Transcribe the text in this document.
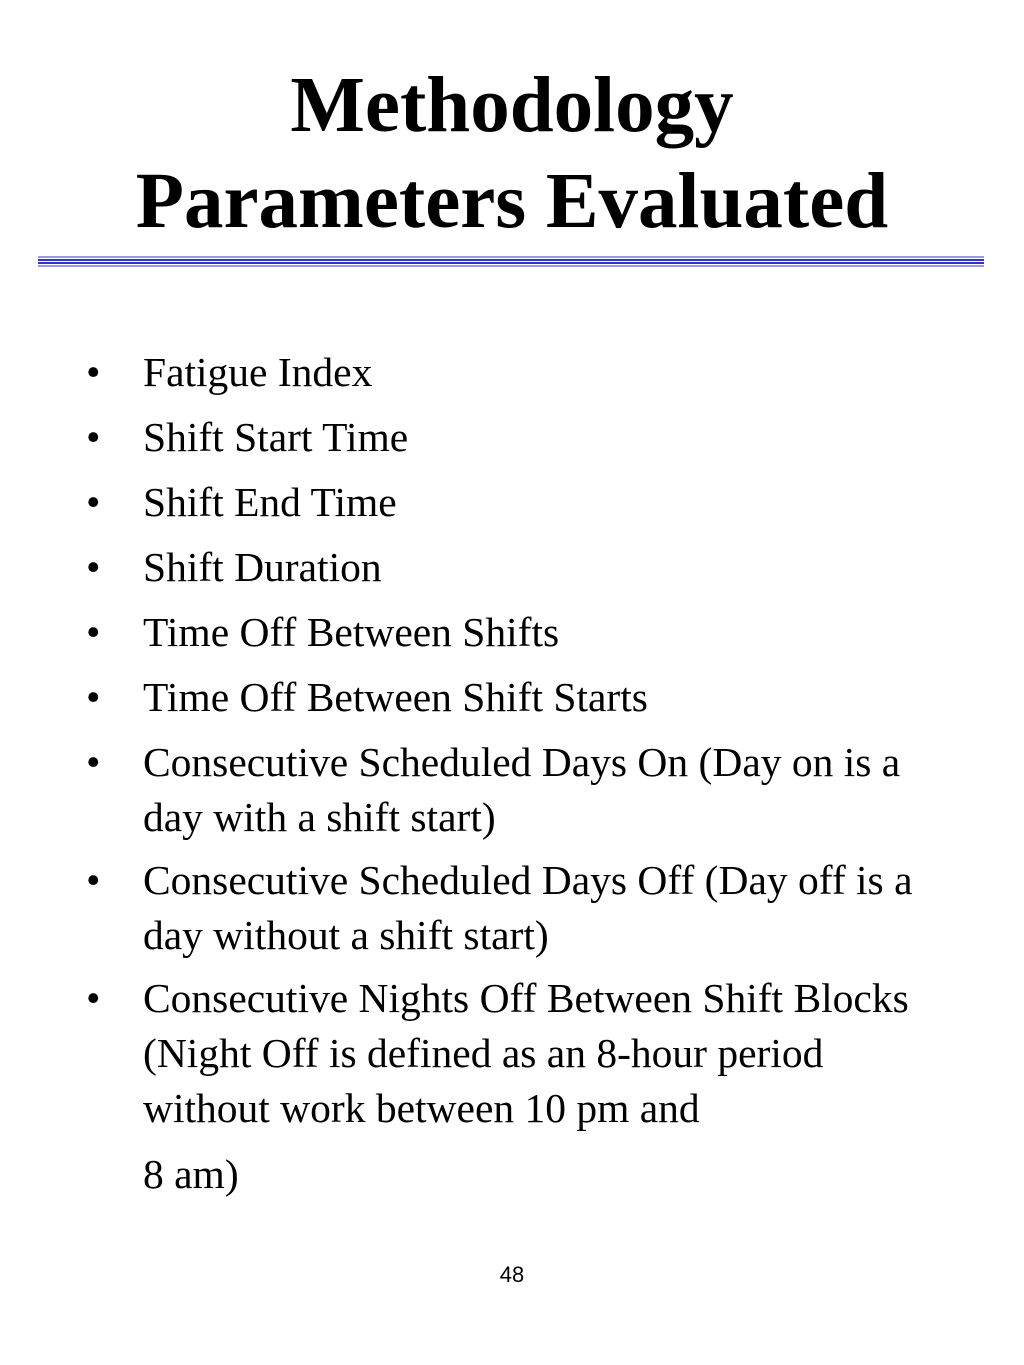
Methodology
Parameters Evaluated
•	Fatigue Index
•	Shift Start Time
•	Shift End Time
•	Shift Duration
•	Time Off Between Shifts
•	Time Off Between Shift Starts
•	Consecutive Scheduled Days On (Day on is a day with a shift start)
•	Consecutive Scheduled Days Off (Day off is a day without a shift start)
•	Consecutive Nights Off Between Shift Blocks (Night Off is defined as an 8-hour period without work between 10 pm and
8 am)
48
